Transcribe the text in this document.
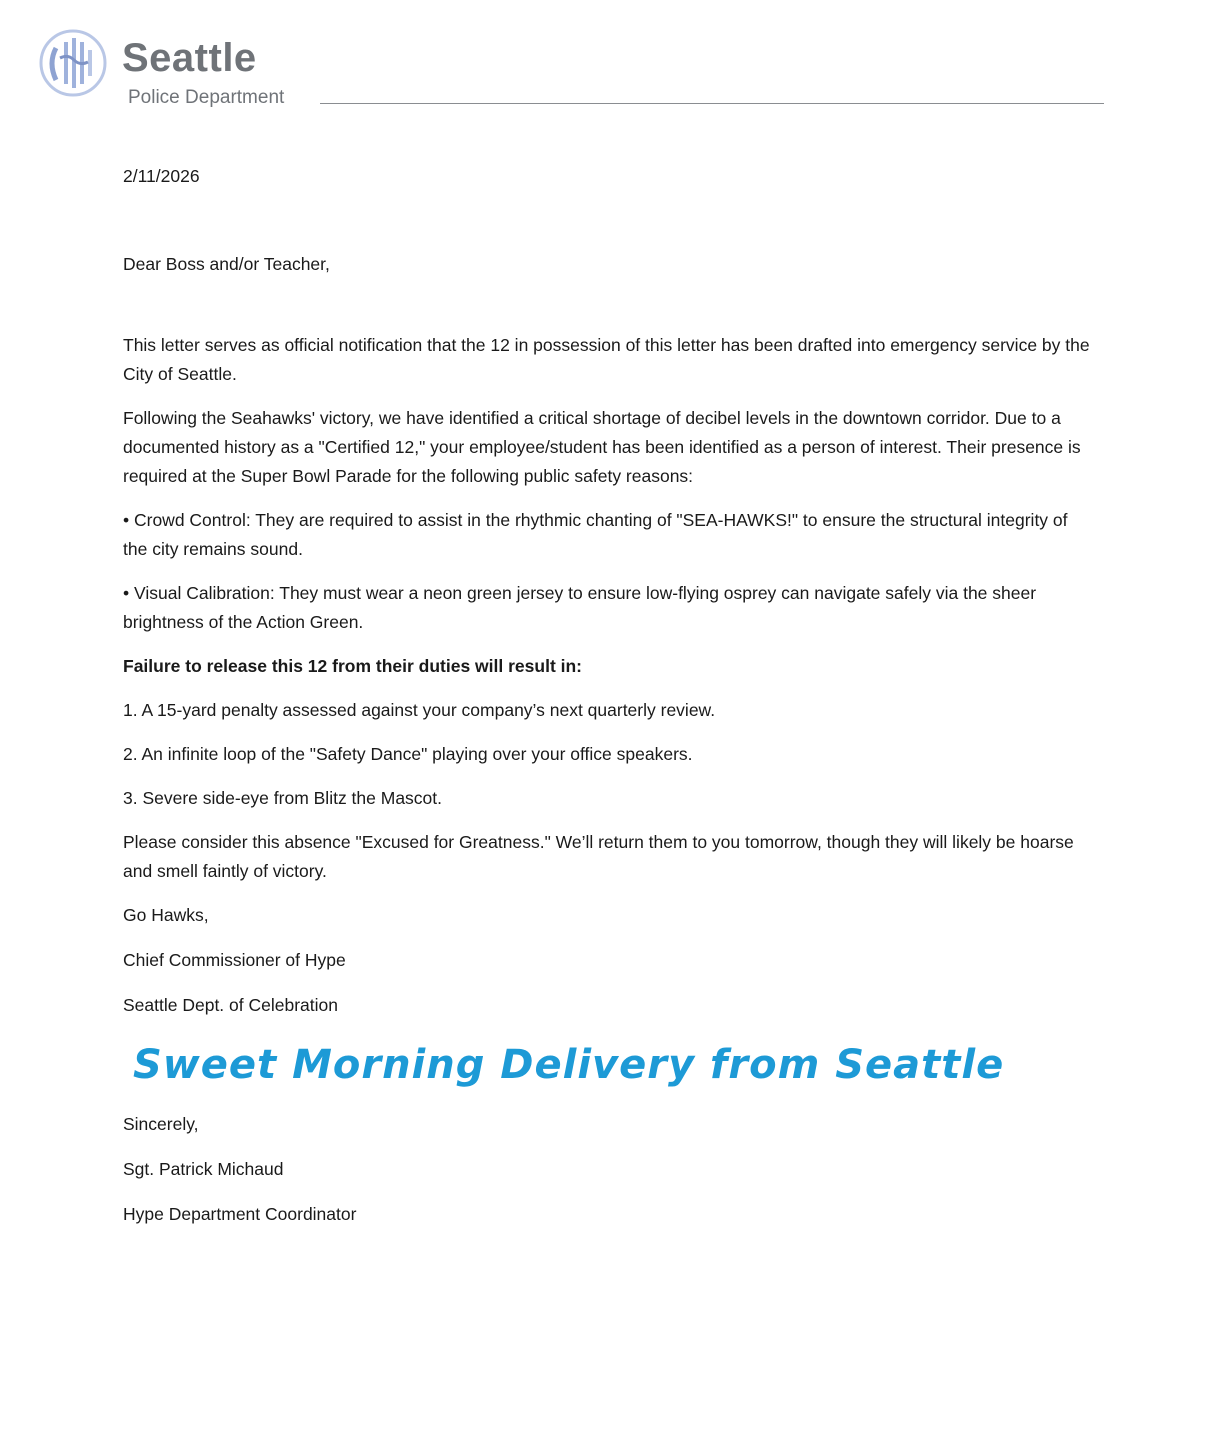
Seattle
Police Department

2/11/2026

Dear Boss and/or Teacher,

This letter serves as official notification that the 12 in possession of this letter has been drafted into emergency service by the City of Seattle.

Following the Seahawks' victory, we have identified a critical shortage of decibel levels in the downtown corridor. Due to a documented history as a "Certified 12," your employee/student has been identified as a person of interest. Their presence is required at the Super Bowl Parade for the following public safety reasons:

• Crowd Control: They are required to assist in the rhythmic chanting of "SEA-HAWKS!" to ensure the structural integrity of the city remains sound.

• Visual Calibration: They must wear a neon green jersey to ensure low-flying osprey can navigate safely via the sheer brightness of the Action Green.

Failure to release this 12 from their duties will result in:

1. A 15-yard penalty assessed against your company’s next quarterly review.

2. An infinite loop of the "Safety Dance" playing over your office speakers.

3. Severe side-eye from Blitz the Mascot.

Please consider this absence "Excused for Greatness." We’ll return them to you tomorrow, though they will likely be hoarse and smell faintly of victory.

Go Hawks,

Chief Commissioner of Hype

Seattle Dept. of Celebration

Sweet Morning Delivery from Seattle

Sincerely,

Sgt. Patrick Michaud

Hype Department Coordinator
